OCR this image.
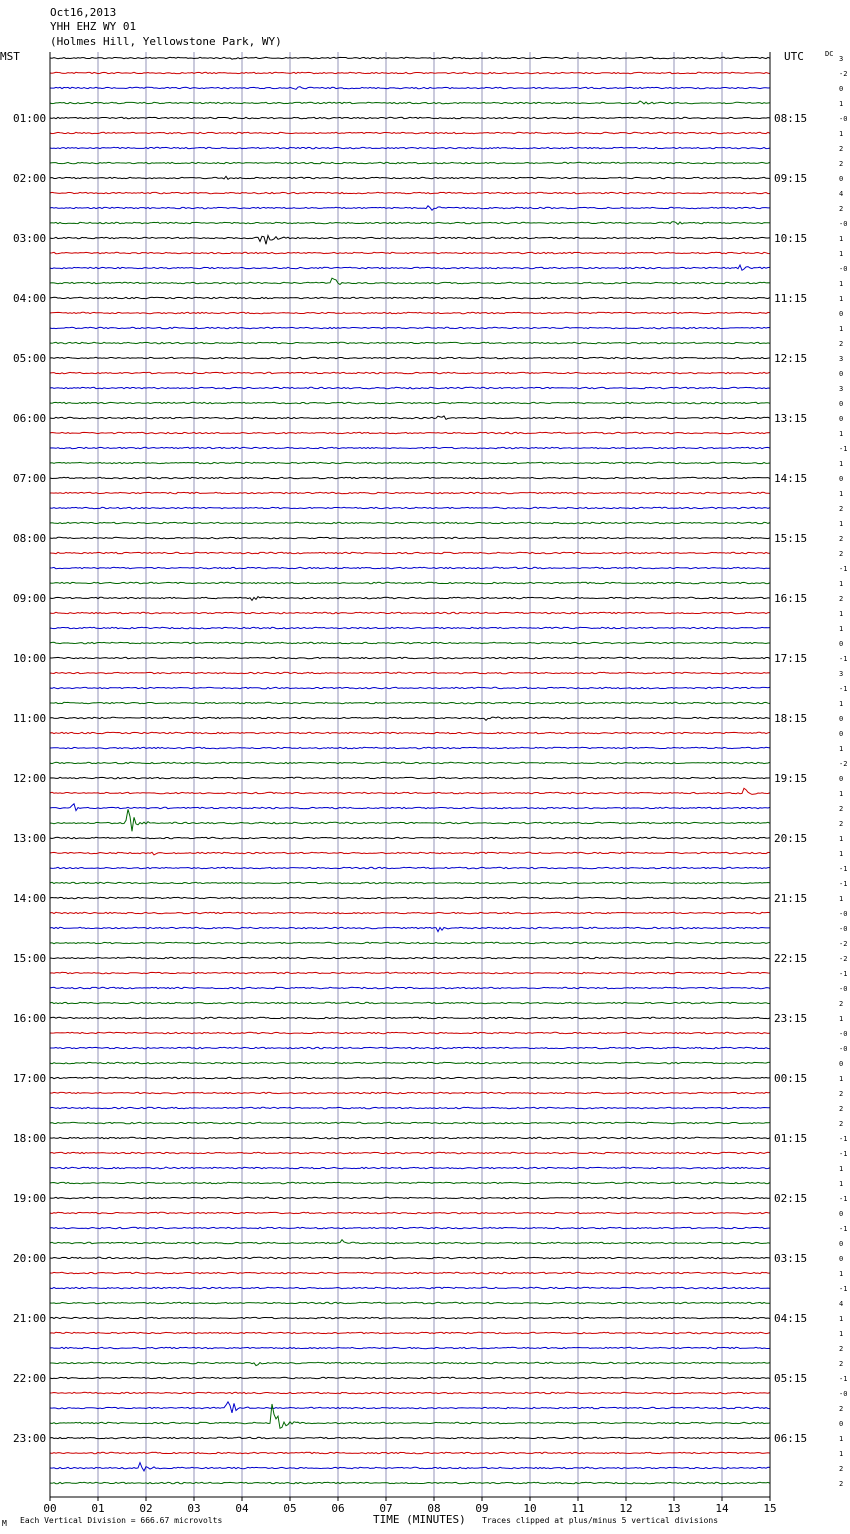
Oct16,2013
YHH EHZ WY 01
(Holmes Hill, Yellowstone Park, WY)
MST	UTC	DC
01:00
02:00
03:00
04:00
05:00
06:00
07:00
08:00
09:00
10:00
11:00
12:00
13:00
14:00
15:00
16:00
17:00
18:00
19:00
20:00
21:00
22:00
23:00
08:15
09:15
10:15
11:15
12:15
13:15
14:15
15:15
16:15
17:15
18:15
19:15
20:15
21:15
22:15
23:15
00:15
01:15
02:15
03:15
04:15
05:15
06:15
3
-2
0
1
-0
1
2
2
0
4
2
-0
1
1
-0
1
1
0
1
2
3
0
3
0
0
1
-1
1
0
1
2
1
2
2
-1
1
2
1
1
0
-1
3
-1
1
0
0
1
-2
0
1
2
2
1
1
-1
-1
1
-0
-0
-2
-2
-1
-0
2
1
-0
-0
0
1
2
2
2
-1
-1
1
1
-1
0
-1
0
0
1
-1
4
1
1
2
2
-1
-0
2
0
1
1
2
2
00	01	02	03	04	05	06	07	08	09	10	11	12	13	14	15
TIME (MINUTES)
M Each Vertical Division = 666.67 microvolts	Traces clipped at plus/minus 5 vertical divisions
